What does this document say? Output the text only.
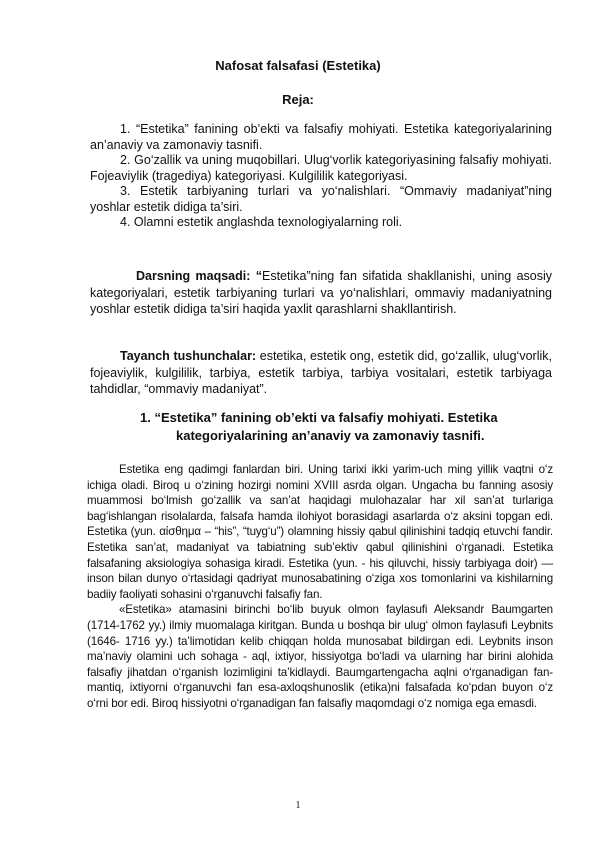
Nafosat falsafasi (Estetika)
Reja:

1. “Estetika” fanining ob’ekti va falsafiy mohiyati. Estetika kategoriyalarining an’anaviy va zamonaviy tasnifi.

2. Go‘zallik va uning muqobillari. Ulug‘vorlik kategoriyasining falsafiy mohiyati. Fojeaviylik (tragediya) kategoriyasi. Kulgililik kategoriyasi.

3. Estetik tarbiyaning turlari va yo‘nalishlari. “Ommaviy madaniyat”ning yoshlar estetik didiga ta’siri.

4. Olamni estetik anglashda texnologiyalarning roli.

Darsning maqsadi: “Estetika”ning fan sifatida shakllanishi, uning asosiy kategoriyalari, estetik tarbiyaning turlari va yo‘nalishlari, ommaviy madaniyatning yoshlar estetik didiga ta’siri haqida yaxlit qarashlarni shakllantirish.

Tayanch tushunchalar: estetika, estetik ong, estetik did, go‘zallik, ulug‘vorlik, fojeaviylik, kulgililik, tarbiya, estetik tarbiya, tarbiya vositalari, estetik tarbiyaga tahdidlar, “ommaviy madaniyat”.

1. “Estetika” fanining ob’ekti va falsafiy mohiyati. Estetika
kategoriyalarining an’anaviy va zamonaviy tasnifi.

Estetika eng qadimgi fanlardan biri. Uning tarixi ikki yarim-uch ming yillik vaqtni o‘z ichiga oladi. Biroq u o‘zining hozirgi nomini XVIII asrda olgan. Ungacha bu fanning asosiy muammosi bo‘lmish go‘zallik va san’at haqidagi mulohazalar har xil san’at turlariga bag‘ishlangan risolalarda, falsafa hamda ilohiyot borasidagi asarlarda o‘z aksini topgan edi. Estetika (yun. αίσθημα – “his”, “tuyg‘u”) olamning hissiy qabul qilinishini tadqiq etuvchi fandir. Estetika san’at, madaniyat va tabiatning sub’ektiv qabul qilinishini o‘rganadi. Estetika falsafaning aksiologiya sohasiga kiradi. Estetika (yun. - his qiluvchi, hissiy tarbiyaga doir) — inson bilan dunyo o‘rtasidagi qadriyat munosabatining o‘ziga xos tomonlarini va kishilarning badiiy faoliyati sohasini o‘rganuvchi falsafiy fan.

«Estetika» atamasini birinchi bo‘lib buyuk olmon faylasufi Aleksandr Baumgarten (1714-1762 yy.) ilmiy muomalaga kiritgan. Bunda u boshqa bir ulug‘ olmon faylasufi Leybnits (1646- 1716 yy.) ta’limotidan kelib chiqqan holda munosabat bildirgan edi. Leybnits inson ma’naviy olamini uch sohaga - aql, ixtiyor, hissiyotga bo‘ladi va ularning har birini alohida falsafiy jihatdan o‘rganish lozimligini ta’kidlaydi. Baumgartengacha aqlni o‘rganadigan fan-mantiq, ixtiyorni o‘rganuvchi fan esa-axloqshunoslik (etika)ni falsafada ko‘pdan buyon o‘z o‘rni bor edi. Biroq hissiyotni o‘rganadigan fan falsafiy maqomdagi o‘z nomiga ega emasdi.

1
